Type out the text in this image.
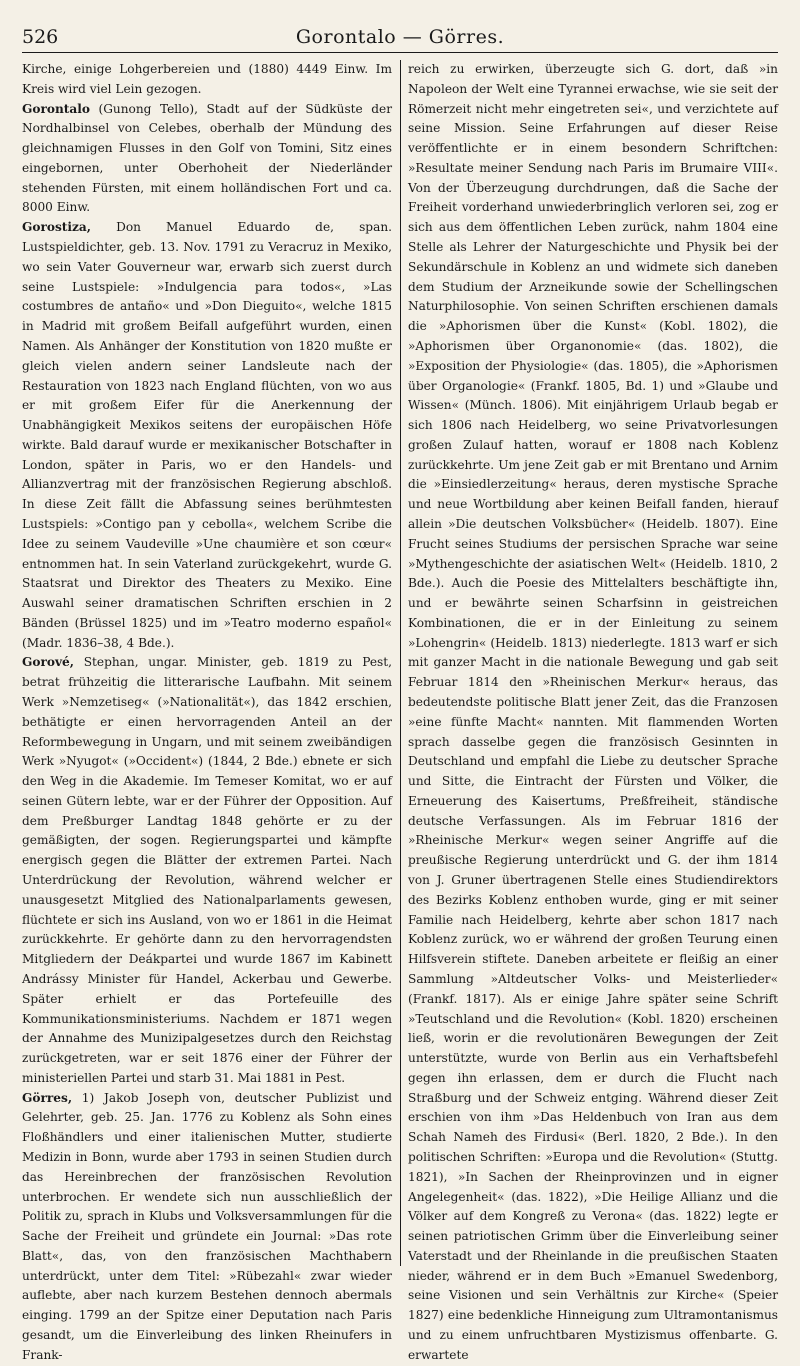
526	Gorontalo — Görres.

Kirche, einige Lohgerbereien und (1880) 4449 Einw. Im Kreis wird viel Lein gezogen.

Gorontalo (Gunong Tello), Stadt auf der Südküste der Nordhalbinsel von Celebes, oberhalb der Mündung des gleichnamigen Flusses in den Golf von Tomini, Sitz eines eingebornen, unter Oberhoheit der Niederländer stehenden Fürsten, mit einem holländischen Fort und ca. 8000 Einw.

Gorostiza, Don Manuel Eduardo de, span. Lustspieldichter, geb. 13. Nov. 1791 zu Veracruz in Mexiko, wo sein Vater Gouverneur war, erwarb sich zuerst durch seine Lustspiele: »Indulgencia para todos«, »Las costumbres de antaño« und »Don Dieguito«, welche 1815 in Madrid mit großem Beifall aufgeführt wurden, einen Namen. Als Anhänger der Konstitution von 1820 mußte er gleich vielen andern seiner Landsleute nach der Restauration von 1823 nach England flüchten, von wo aus er mit großem Eifer für die Anerkennung der Unabhängigkeit Mexikos seitens der europäischen Höfe wirkte. Bald darauf wurde er mexikanischer Botschafter in London, später in Paris, wo er den Handels- und Allianzvertrag mit der französischen Regierung abschloß. In diese Zeit fällt die Abfassung seines berühmtesten Lustspiels: »Contigo pan y cebolla«, welchem Scribe die Idee zu seinem Vaudeville »Une chaumière et son cœur« entnommen hat. In sein Vaterland zurückgekehrt, wurde G. Staatsrat und Direktor des Theaters zu Mexiko. Eine Auswahl seiner dramatischen Schriften erschien in 2 Bänden (Brüssel 1825) und im »Teatro moderno español« (Madr. 1836–38, 4 Bde.).

Gorové, Stephan, ungar. Minister, geb. 1819 zu Pest, betrat frühzeitig die litterarische Laufbahn. Mit seinem Werk »Nemzetiseg« (»Nationalität«), das 1842 erschien, bethätigte er einen hervorragenden Anteil an der Reformbewegung in Ungarn, und mit seinem zweibändigen Werk »Nyugot« (»Occident«) (1844, 2 Bde.) ebnete er sich den Weg in die Akademie. Im Temeser Komitat, wo er auf seinen Gütern lebte, war er der Führer der Opposition. Auf dem Preßburger Landtag 1848 gehörte er zu der gemäßigten, der sogen. Regierungspartei und kämpfte energisch gegen die Blätter der extremen Partei. Nach Unterdrückung der Revolution, während welcher er unausgesetzt Mitglied des Nationalparlaments gewesen, flüchtete er sich ins Ausland, von wo er 1861 in die Heimat zurückkehrte. Er gehörte dann zu den hervorragendsten Mitgliedern der Deákpartei und wurde 1867 im Kabinett Andrássy Minister für Handel, Ackerbau und Gewerbe. Später erhielt er das Portefeuille des Kommunikationsministeriums. Nachdem er 1871 wegen der Annahme des Munizipalgesetzes durch den Reichstag zurückgetreten, war er seit 1876 einer der Führer der ministeriellen Partei und starb 31. Mai 1881 in Pest.

Görres, 1) Jakob Joseph von, deutscher Publizist und Gelehrter, geb. 25. Jan. 1776 zu Koblenz als Sohn eines Floßhändlers und einer italienischen Mutter, studierte Medizin in Bonn, wurde aber 1793 in seinen Studien durch das Hereinbrechen der französischen Revolution unterbrochen. Er wendete sich nun ausschließlich der Politik zu, sprach in Klubs und Volksversammlungen für die Sache der Freiheit und gründete ein Journal: »Das rote Blatt«, das, von den französischen Machthabern unterdrückt, unter dem Titel: »Rübezahl« zwar wieder auflebte, aber nach kurzem Bestehen dennoch abermals einging. 1799 an der Spitze einer Deputation nach Paris gesandt, um die Einverleibung des linken Rheinufers in Frank-

reich zu erwirken, überzeugte sich G. dort, daß »in Napoleon der Welt eine Tyrannei erwachse, wie sie seit der Römerzeit nicht mehr eingetreten sei«, und verzichtete auf seine Mission. Seine Erfahrungen auf dieser Reise veröffentlichte er in einem besondern Schriftchen: »Resultate meiner Sendung nach Paris im Brumaire VIII«. Von der Überzeugung durchdrungen, daß die Sache der Freiheit vorderhand unwiederbringlich verloren sei, zog er sich aus dem öffentlichen Leben zurück, nahm 1804 eine Stelle als Lehrer der Naturgeschichte und Physik bei der Sekundärschule in Koblenz an und widmete sich daneben dem Studium der Arzneikunde sowie der Schellingschen Naturphilosophie. Von seinen Schriften erschienen damals die »Aphorismen über die Kunst« (Kobl. 1802), die »Aphorismen über Organonomie« (das. 1802), die »Exposition der Physiologie« (das. 1805), die »Aphorismen über Organologie« (Frankf. 1805, Bd. 1) und »Glaube und Wissen« (Münch. 1806). Mit einjährigem Urlaub begab er sich 1806 nach Heidelberg, wo seine Privatvorlesungen großen Zulauf hatten, worauf er 1808 nach Koblenz zurückkehrte. Um jene Zeit gab er mit Brentano und Arnim die »Einsiedlerzeitung« heraus, deren mystische Sprache und neue Wortbildung aber keinen Beifall fanden, hierauf allein »Die deutschen Volksbücher« (Heidelb. 1807). Eine Frucht seines Studiums der persischen Sprache war seine »Mythengeschichte der asiatischen Welt« (Heidelb. 1810, 2 Bde.). Auch die Poesie des Mittelalters beschäftigte ihn, und er bewährte seinen Scharfsinn in geistreichen Kombinationen, die er in der Einleitung zu seinem »Lohengrin« (Heidelb. 1813) niederlegte. 1813 warf er sich mit ganzer Macht in die nationale Bewegung und gab seit Februar 1814 den »Rheinischen Merkur« heraus, das bedeutendste politische Blatt jener Zeit, das die Franzosen »eine fünfte Macht« nannten. Mit flammenden Worten sprach dasselbe gegen die französisch Gesinnten in Deutschland und empfahl die Liebe zu deutscher Sprache und Sitte, die Eintracht der Fürsten und Völker, die Erneuerung des Kaisertums, Preßfreiheit, ständische deutsche Verfassungen. Als im Februar 1816 der »Rheinische Merkur« wegen seiner Angriffe auf die preußische Regierung unterdrückt und G. der ihm 1814 von J. Gruner übertragenen Stelle eines Studiendirektors des Bezirks Koblenz enthoben wurde, ging er mit seiner Familie nach Heidelberg, kehrte aber schon 1817 nach Koblenz zurück, wo er während der großen Teurung einen Hilfsverein stiftete. Daneben arbeitete er fleißig an einer Sammlung »Altdeutscher Volks- und Meisterlieder« (Frankf. 1817). Als er einige Jahre später seine Schrift »Teutschland und die Revolution« (Kobl. 1820) erscheinen ließ, worin er die revolutionären Bewegungen der Zeit unterstützte, wurde von Berlin aus ein Verhaftsbefehl gegen ihn erlassen, dem er durch die Flucht nach Straßburg und der Schweiz entging. Während dieser Zeit erschien von ihm »Das Heldenbuch von Iran aus dem Schah Nameh des Firdusi« (Berl. 1820, 2 Bde.). In den politischen Schriften: »Europa und die Revolution« (Stuttg. 1821), »In Sachen der Rheinprovinzen und in eigner Angelegenheit« (das. 1822), »Die Heilige Allianz und die Völker auf dem Kongreß zu Verona« (das. 1822) legte er seinen patriotischen Grimm über die Einverleibung seiner Vaterstadt und der Rheinlande in die preußischen Staaten nieder, während er in dem Buch »Emanuel Swedenborg, seine Visionen und sein Verhältnis zur Kirche« (Speier 1827) eine bedenkliche Hinneigung zum Ultramontanismus und zu einem unfruchtbaren Mystizismus offenbarte. G. erwartete
